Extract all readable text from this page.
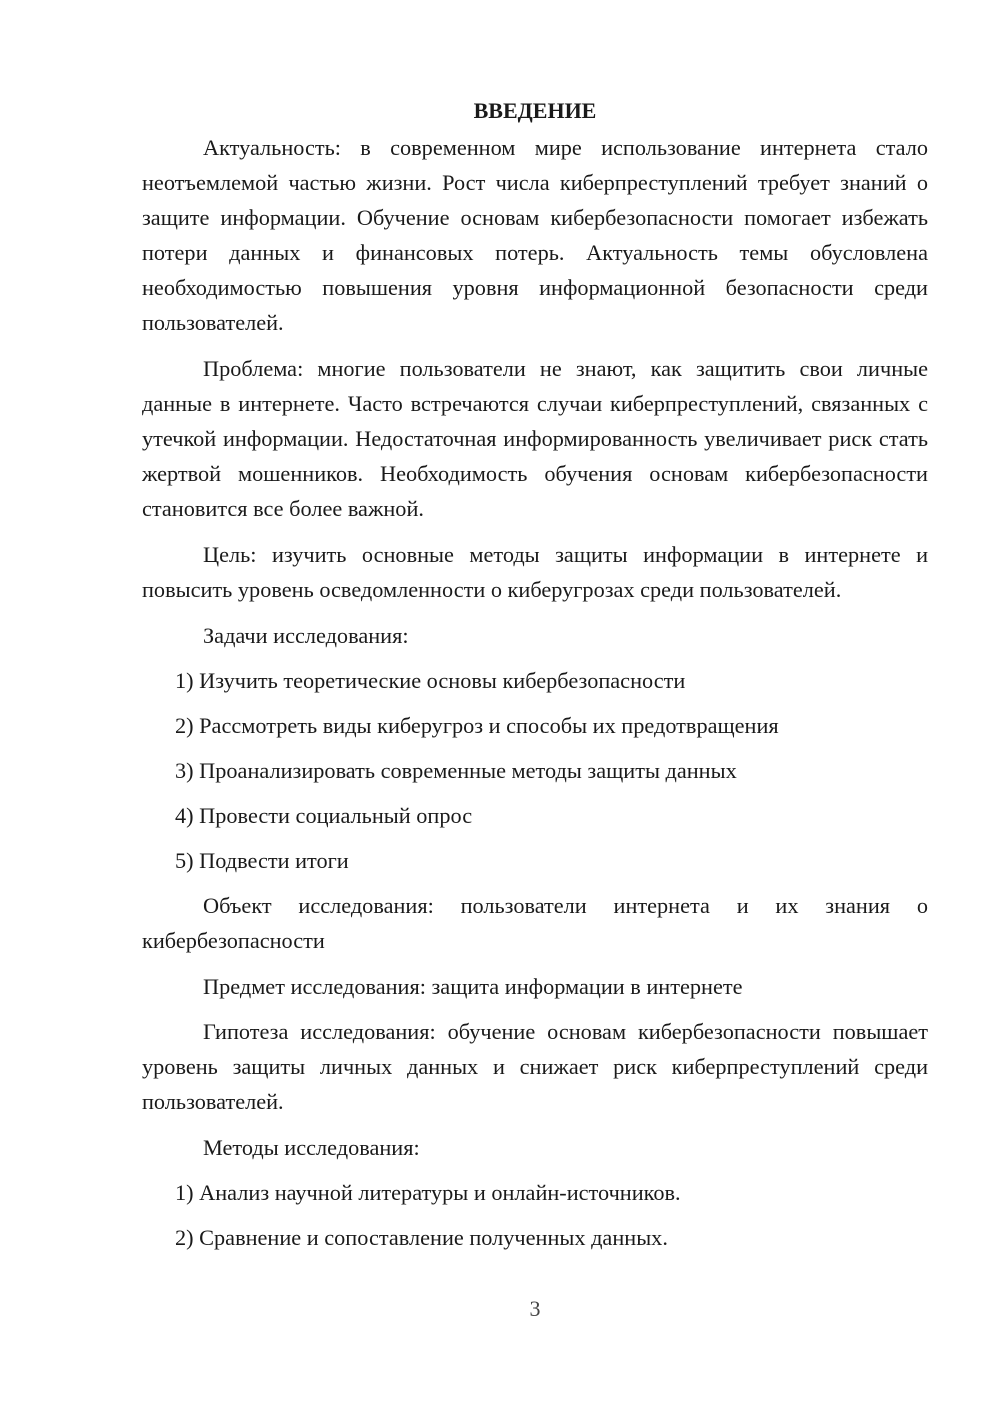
ВВЕДЕНИЕ

Актуальность: в современном мире использование интернета стало неотъемлемой частью жизни. Рост числа киберпреступлений требует знаний о защите информации. Обучение основам кибербезопасности помогает избежать потери данных и финансовых потерь. Актуальность темы обусловлена необходимостью повышения уровня информационной безопасности среди пользователей.

Проблема: многие пользователи не знают, как защитить свои личные данные в интернете. Часто встречаются случаи киберпреступлений, связанных с утечкой информации. Недостаточная информированность увеличивает риск стать жертвой мошенников. Необходимость обучения основам кибербезопасности становится все более важной.

Цель: изучить основные методы защиты информации в интернете и повысить уровень осведомленности о киберугрозах среди пользователей.

Задачи исследования:

1) Изучить теоретические основы кибербезопасности
2) Рассмотреть виды киберугроз и способы их предотвращения
3) Проанализировать современные методы защиты данных
4) Провести социальный опрос
5) Подвести итоги

Объект исследования: пользователи интернета и их знания о кибербезопасности

Предмет исследования: защита информации в интернете

Гипотеза исследования: обучение основам кибербезопасности повышает уровень защиты личных данных и снижает риск киберпреступлений среди пользователей.

Методы исследования:

1) Анализ научной литературы и онлайн-источников.
2) Сравнение и сопоставление полученных данных.
3
